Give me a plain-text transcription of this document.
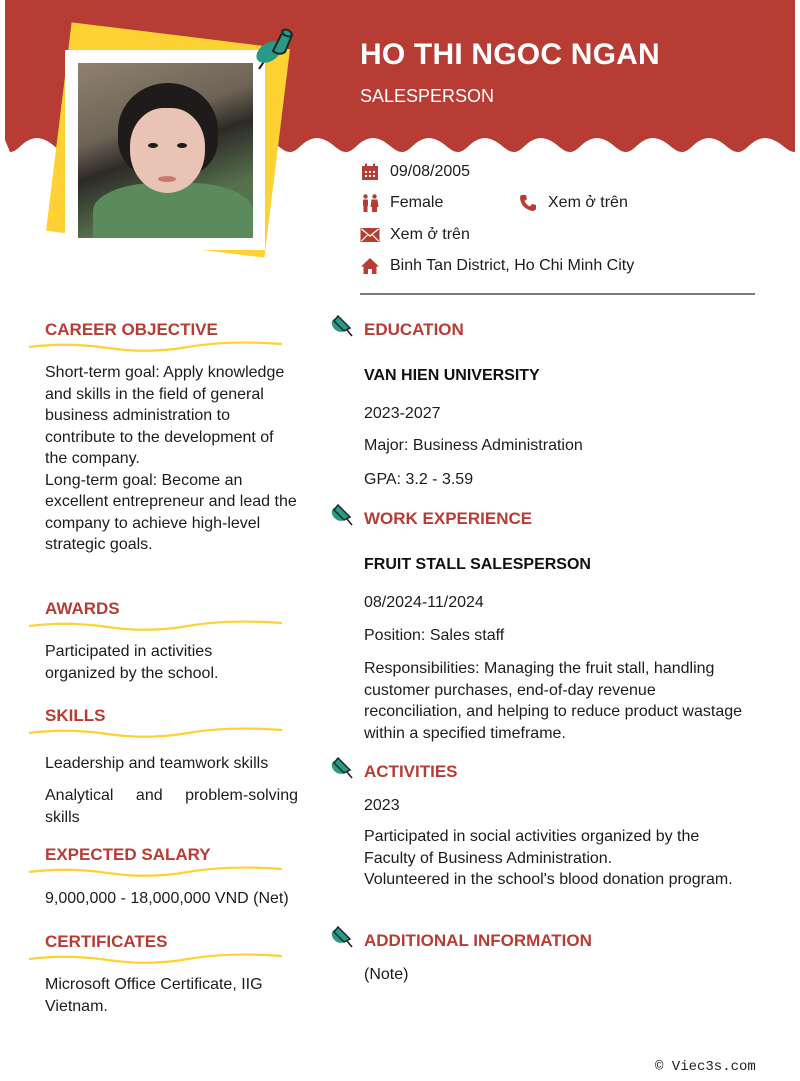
HO THI NGOC NGAN
SALESPERSON
09/08/2005
Female	Xem ở trên
Xem ở trên
Binh Tan District, Ho Chi Minh City
CAREER OBJECTIVE
Short-term goal: Apply knowledge and skills in the field of general business administration to contribute to the development of the company.
Long-term goal: Become an excellent entrepreneur and lead the company to achieve high-level strategic goals.
AWARDS
Participated in activities organized by the school.
SKILLS
Leadership and teamwork skills
Analytical and problem-solving skills
EXPECTED SALARY
9,000,000 - 18,000,000 VND (Net)
CERTIFICATES
Microsoft Office Certificate, IIG Vietnam.
EDUCATION
VAN HIEN UNIVERSITY
2023-2027
Major: Business Administration
GPA: 3.2 - 3.59
WORK EXPERIENCE
FRUIT STALL SALESPERSON
08/2024-11/2024
Position: Sales staff
Responsibilities: Managing the fruit stall, handling customer purchases, end-of-day revenue reconciliation, and helping to reduce product wastage within a specified timeframe.
ACTIVITIES
2023
Participated in social activities organized by the Faculty of Business Administration.
Volunteered in the school's blood donation program.
ADDITIONAL INFORMATION
(Note)
© Viec3s.com
